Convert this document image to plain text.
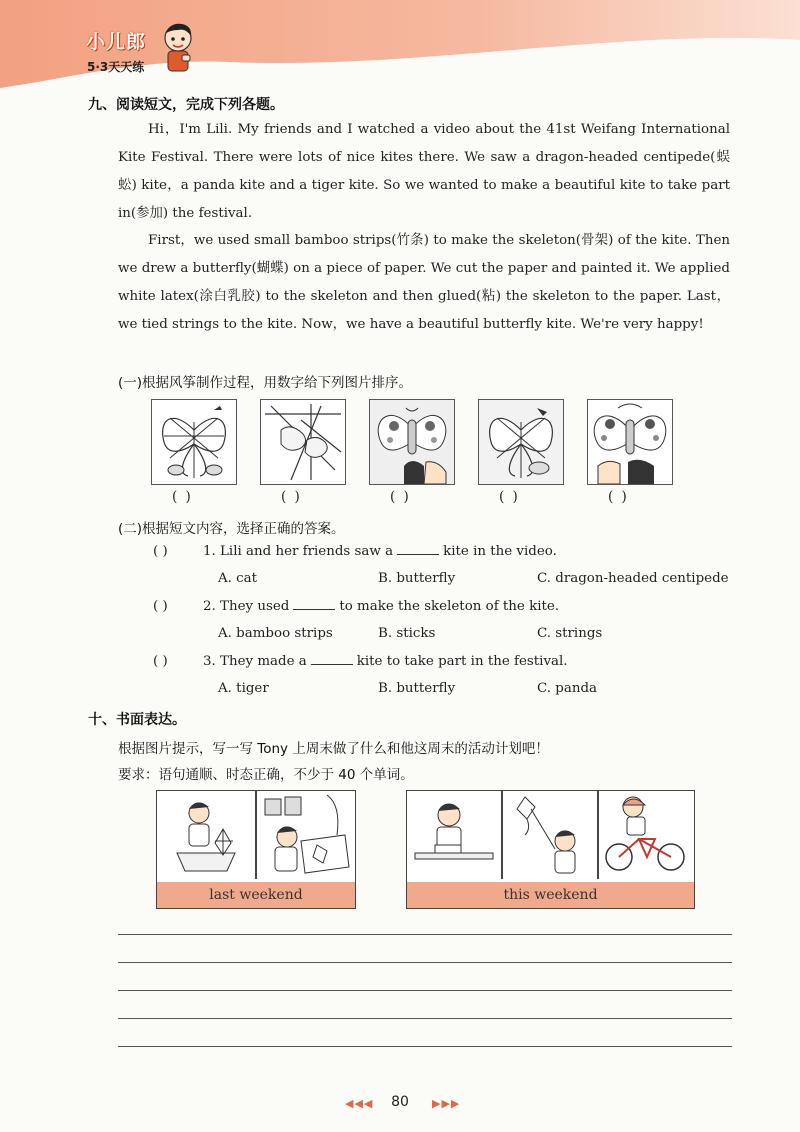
小儿郎
5·3天天练
九、阅读短文，完成下列各题。
Hi，I'm Lili. My friends and I watched a video about the 41st Weifang International Kite Festival. There were lots of nice kites there. We saw a dragon-headed centipede(蜈蚣) kite，a panda kite and a tiger kite. So we wanted to make a beautiful kite to take part in(参加) the festival.
First，we used small bamboo strips(竹条) to make the skeleton(骨架) of the kite. Then we drew a butterfly(蝴蝶) on a piece of paper. We cut the paper and painted it. We applied white latex(涂白乳胶) to the skeleton and then glued(粘) the skeleton to the paper. Last，we tied strings to the kite. Now，we have a beautiful butterfly kite. We're very happy!
(一)根据风筝制作过程，用数字给下列图片排序。
( )	( )	( )	( )	( )
(二)根据短文内容，选择正确的答案。
( )	1. Lili and her friends saw a	kite in the video.
A. cat	B. butterfly	C. dragon-headed centipede
( )	2. They used	to make the skeleton of the kite.
A. bamboo strips	B. sticks	C. strings
( )	3. They made a	kite to take part in the festival.
A. tiger	B. butterfly	C. panda
十、书面表达。
根据图片提示，写一写 Tony 上周末做了什么和他这周末的活动计划吧！
要求：语句通顺、时态正确，不少于 40 个单词。
last weekend	this weekend
◀◀◀	80	▶▶▶
